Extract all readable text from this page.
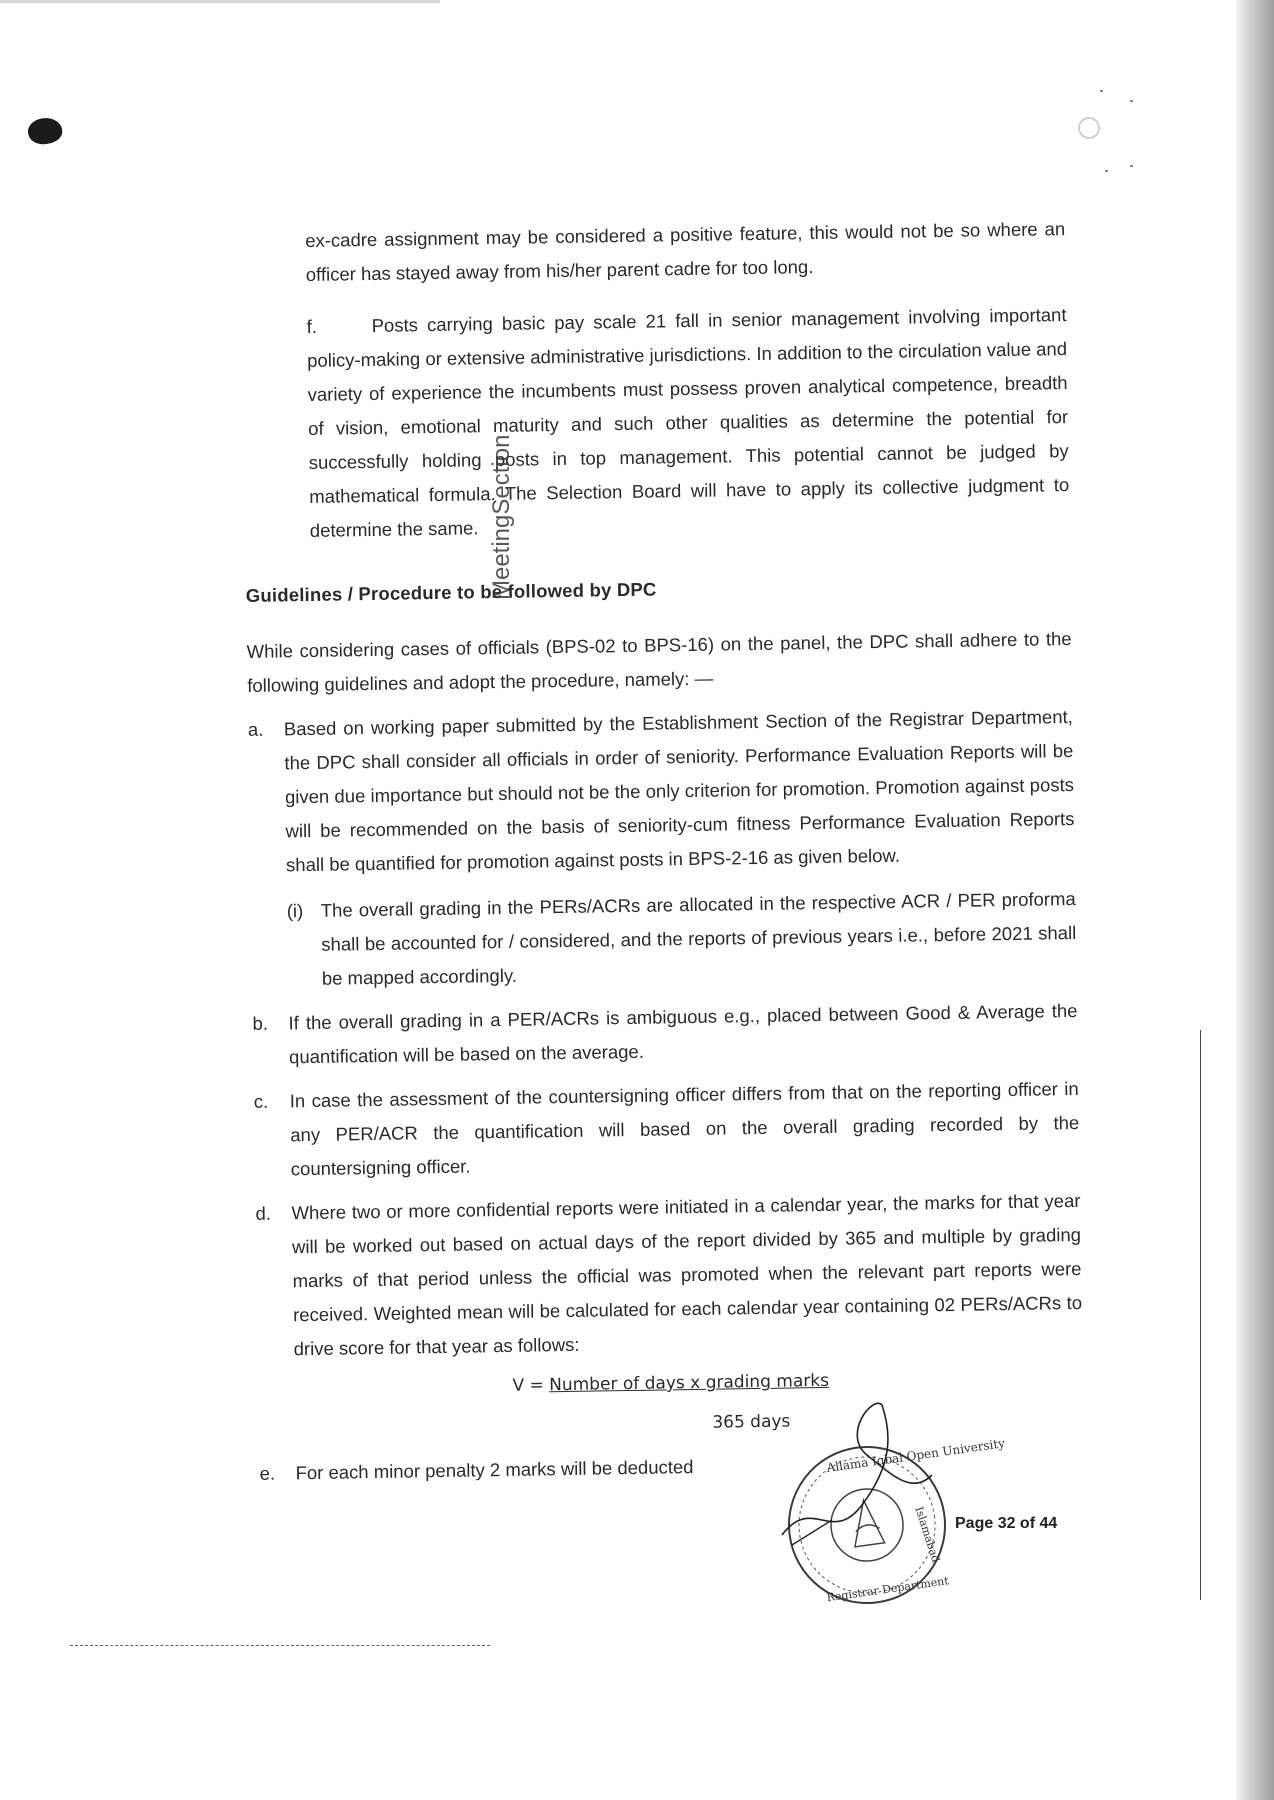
ex-cadre assignment may be considered a positive feature, this would not be so where an officer has stayed away from his/her parent cadre for too long.

f.	Posts carrying basic pay scale 21 fall in senior management involving important policy-making or extensive administrative jurisdictions. In addition to the circulation value and variety of experience the incumbents must possess proven analytical competence, breadth of vision, emotional maturity and such other qualities as determine the potential for successfully holding posts in top management. This potential cannot be judged by mathematical formula. The Selection Board will have to apply its collective judgment to determine the same.

Guidelines / Procedure to be followed by DPC
While considering cases of officials (BPS-02 to BPS-16) on the panel, the DPC shall adhere to the following guidelines and adopt the procedure, namely: —
a. Based on working paper submitted by the Establishment Section of the Registrar Department, the DPC shall consider all officials in order of seniority. Performance Evaluation Reports will be given due importance but should not be the only criterion for promotion. Promotion against posts will be recommended on the basis of seniority-cum fitness Performance Evaluation Reports shall be quantified for promotion against posts in BPS-2-16 as given below.
(i) The overall grading in the PERs/ACRs are allocated in the respective ACR / PER proforma shall be accounted for / considered, and the reports of previous years i.e., before 2021 shall be mapped accordingly.
b. If the overall grading in a PER/ACRs is ambiguous e.g., placed between Good & Average the quantification will be based on the average.
c. In case the assessment of the countersigning officer differs from that on the reporting officer in any PER/ACR the quantification will based on the overall grading recorded by the countersigning officer.
d. Where two or more confidential reports were initiated in a calendar year, the marks for that year will be worked out based on actual days of the report divided by 365 and multiple by grading marks of that period unless the official was promoted when the relevant part reports were received. Weighted mean will be calculated for each calendar year containing 02 PERs/ACRs to drive score for that year as follows:
V = Number of days x grading marks
365 days
e. For each minor penalty 2 marks will be deducted
MeetingSection
Allama Iqbal Open University
Islamabad
Registrar Department
Page 32 of 44
